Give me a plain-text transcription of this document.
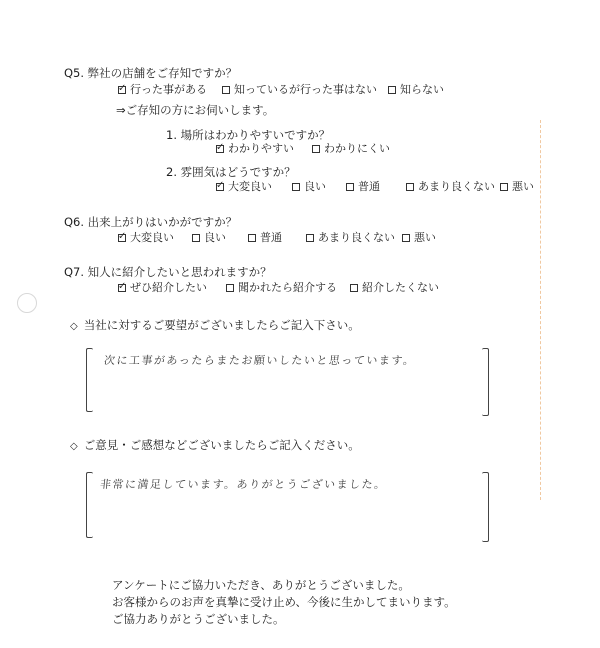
Q5. 弊社の店舗をご存知ですか？
✓行った事がある	知っているが行った事はない	知らない
⇒ご存知の方にお伺いします。
1. 場所はわかりやすいですか？
✓わかりやすい	わかりにくい
2. 雰囲気はどうですか？
✓大変良い	良い	普通	あまり良くない	悪い
Q6. 出来上がりはいかがですか？
✓大変良い	良い	普通	あまり良くない	悪い
Q7. 知人に紹介したいと思われますか？
✓ぜひ紹介したい	聞かれたら紹介する	紹介したくない
◇ 当社に対するご要望がございましたらご記入下さい。
次に工事があったらまたお願いしたいと思っています。
◇ ご意見・ご感想などございましたらご記入ください。
非常に満足しています。ありがとうございました。
アンケートにご協力いただき、ありがとうございました。
お客様からのお声を真摯に受け止め、今後に生かしてまいります。
ご協力ありがとうございました。
